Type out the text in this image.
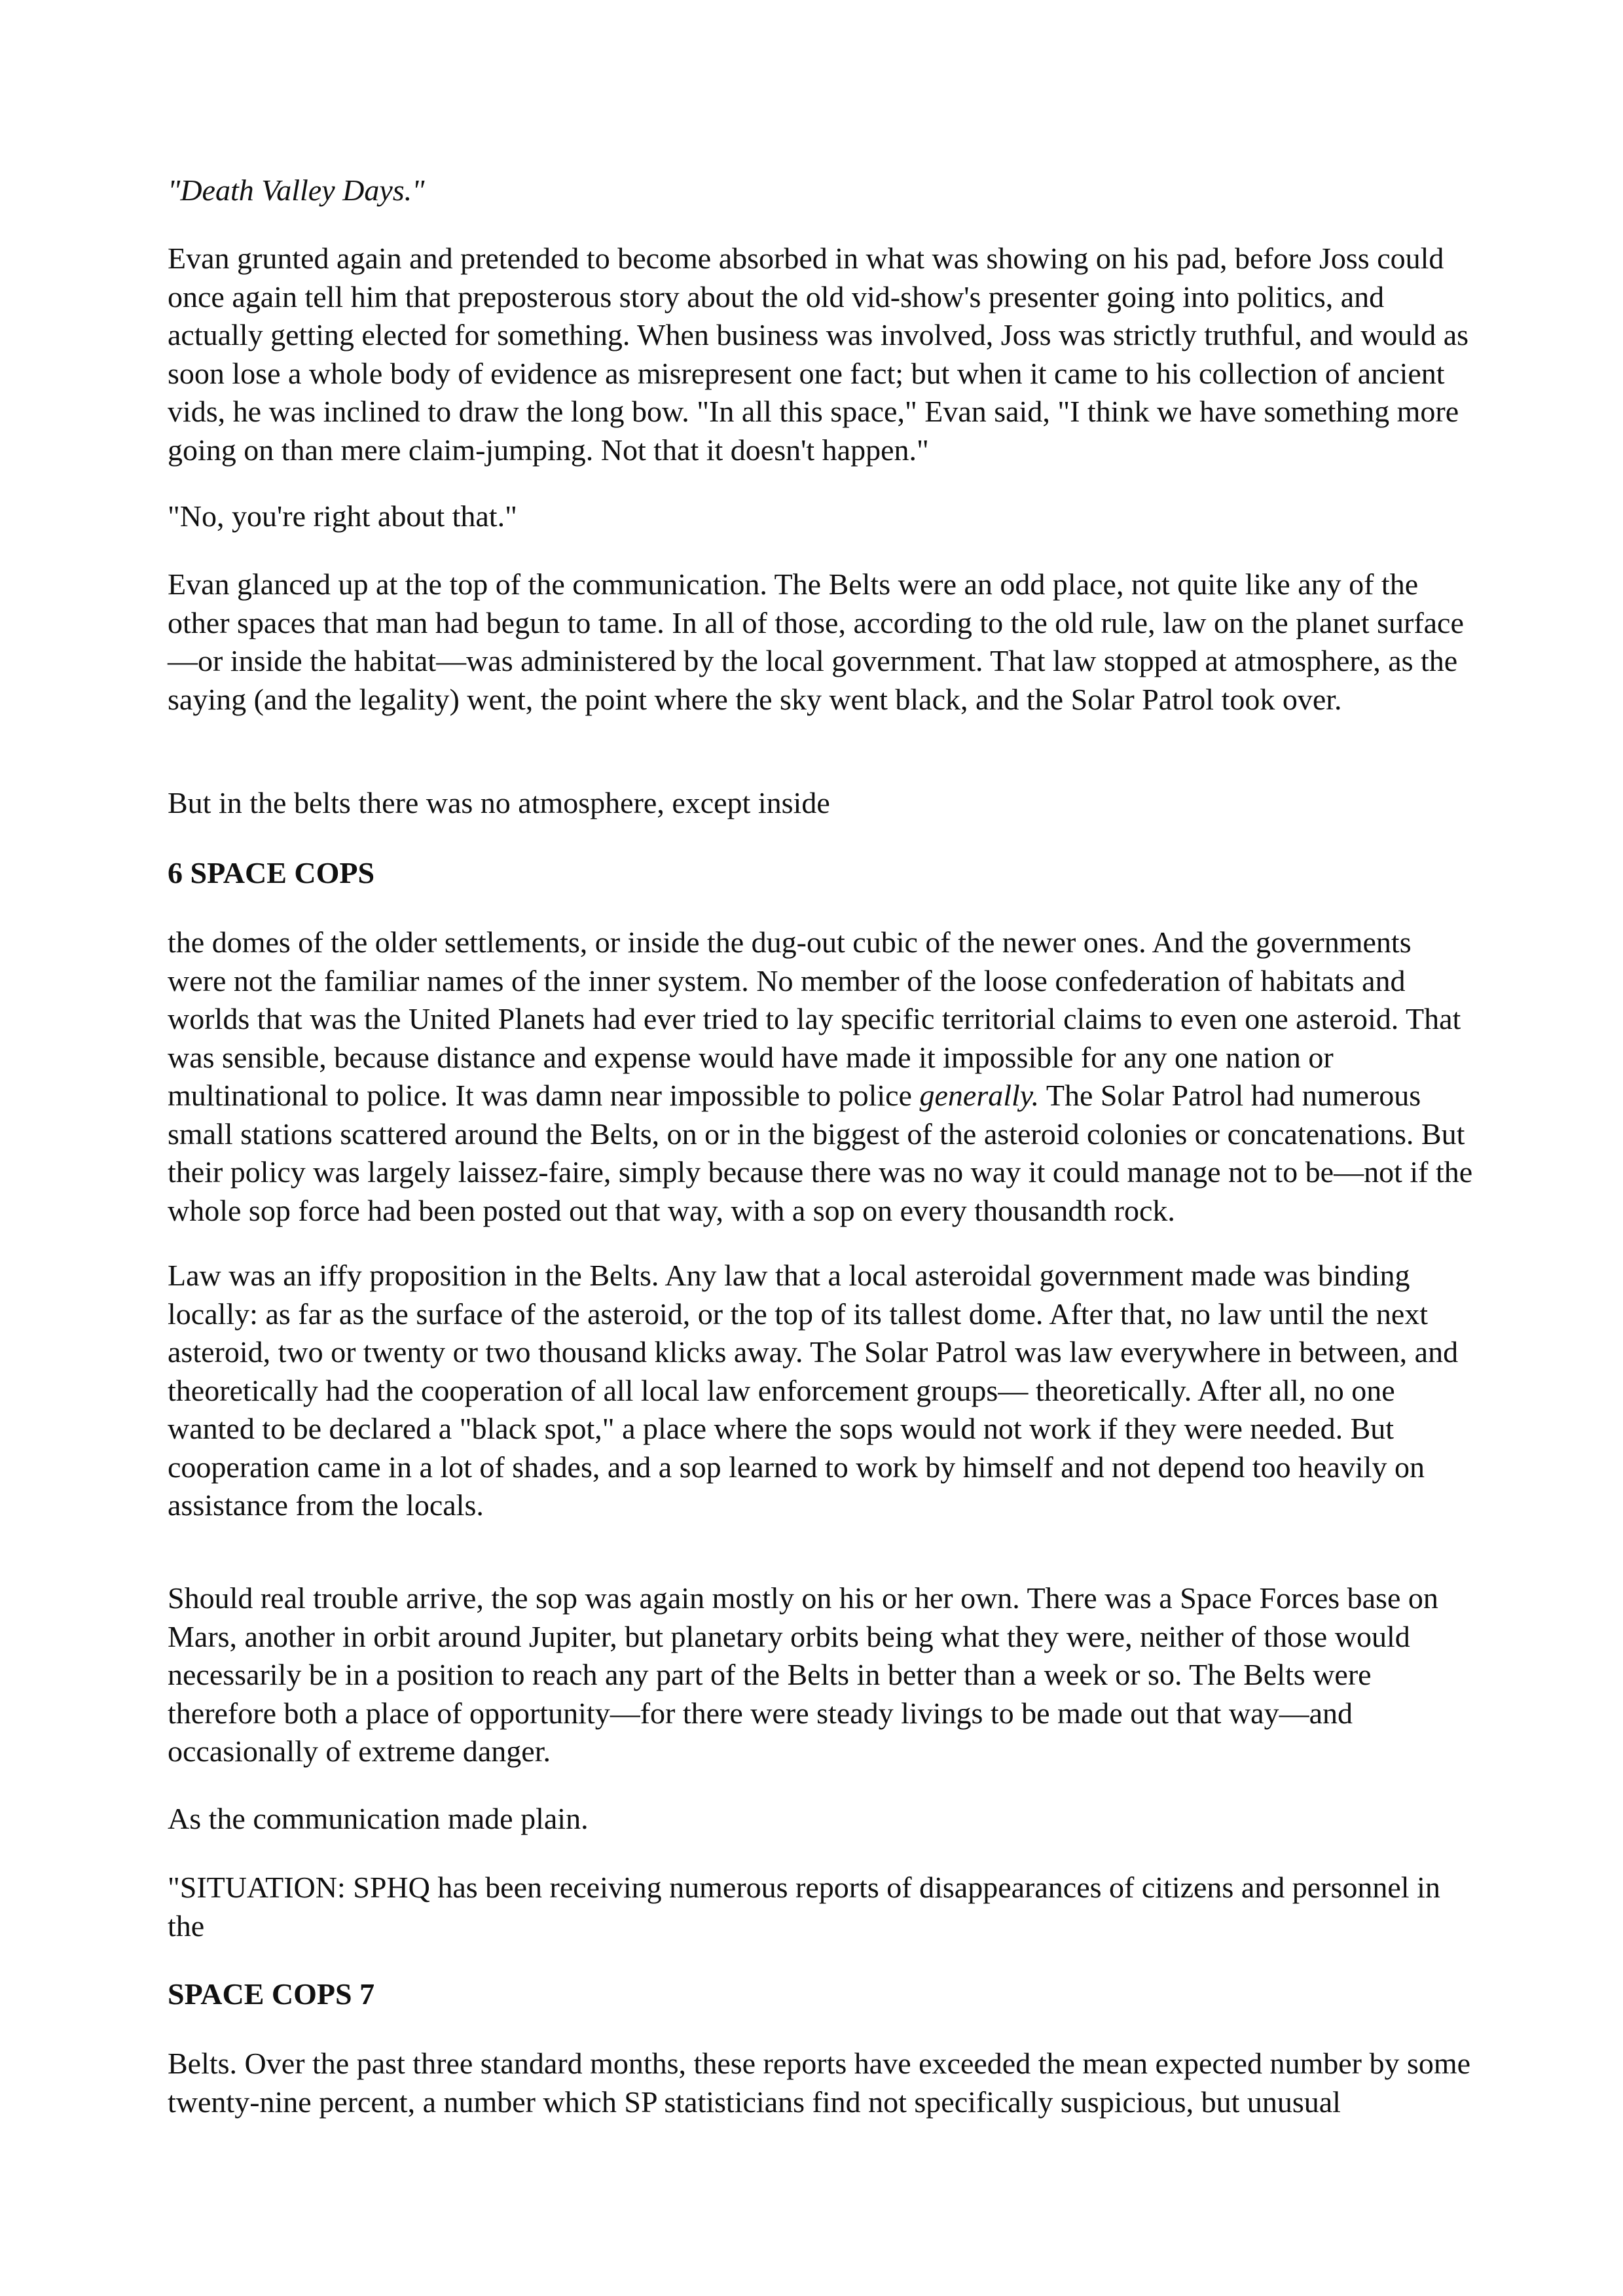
"Death Valley Days."

Evan grunted again and pretended to become absorbed in what was showing on his pad, before Joss could once again tell him that preposterous story about the old vid-show's presenter going into politics, and actually getting elected for something. When business was involved, Joss was strictly truthful, and would as soon lose a whole body of evidence as misrepresent one fact; but when it came to his collection of ancient vids, he was inclined to draw the long bow. "In all this space," Evan said, "I think we have something more going on than mere claim-jumping. Not that it doesn't happen."

"No, you're right about that."

Evan glanced up at the top of the communication. The Belts were an odd place, not quite like any of the other spaces that man had begun to tame. In all of those, according to the old rule, law on the planet surface—or inside the habitat—was administered by the local government. That law stopped at atmosphere, as the saying (and the legality) went, the point where the sky went black, and the Solar Patrol took over.

But in the belts there was no atmosphere, except inside

6 SPACE COPS

the domes of the older settlements, or inside the dug-out cubic of the newer ones. And the governments were not the familiar names of the inner system. No member of the loose confederation of habitats and worlds that was the United Planets had ever tried to lay specific territorial claims to even one asteroid. That was sensible, because distance and expense would have made it impossible for any one nation or multinational to police. It was damn near impossible to police generally. The Solar Patrol had numerous small stations scattered around the Belts, on or in the biggest of the asteroid colonies or concatenations. But their policy was largely laissez-faire, simply because there was no way it could manage not to be—not if the whole sop force had been posted out that way, with a sop on every thousandth rock.

Law was an iffy proposition in the Belts. Any law that a local asteroidal government made was binding locally: as far as the surface of the asteroid, or the top of its tallest dome. After that, no law until the next asteroid, two or twenty or two thousand klicks away. The Solar Patrol was law everywhere in between, and theoretically had the cooperation of all local law enforcement groups— theoretically. After all, no one wanted to be declared a "black spot," a place where the sops would not work if they were needed. But cooperation came in a lot of shades, and a sop learned to work by himself and not depend too heavily on assistance from the locals.

Should real trouble arrive, the sop was again mostly on his or her own. There was a Space Forces base on Mars, another in orbit around Jupiter, but planetary orbits being what they were, neither of those would necessarily be in a position to reach any part of the Belts in better than a week or so. The Belts were therefore both a place of opportunity—for there were steady livings to be made out that way—and occasionally of extreme danger.

As the communication made plain.

"SITUATION: SPHQ has been receiving numerous reports of disappearances of citizens and personnel in the

SPACE COPS 7

Belts. Over the past three standard months, these reports have exceeded the mean expected number by some twenty-nine percent, a number which SP statisticians find not specifically suspicious, but unusual
